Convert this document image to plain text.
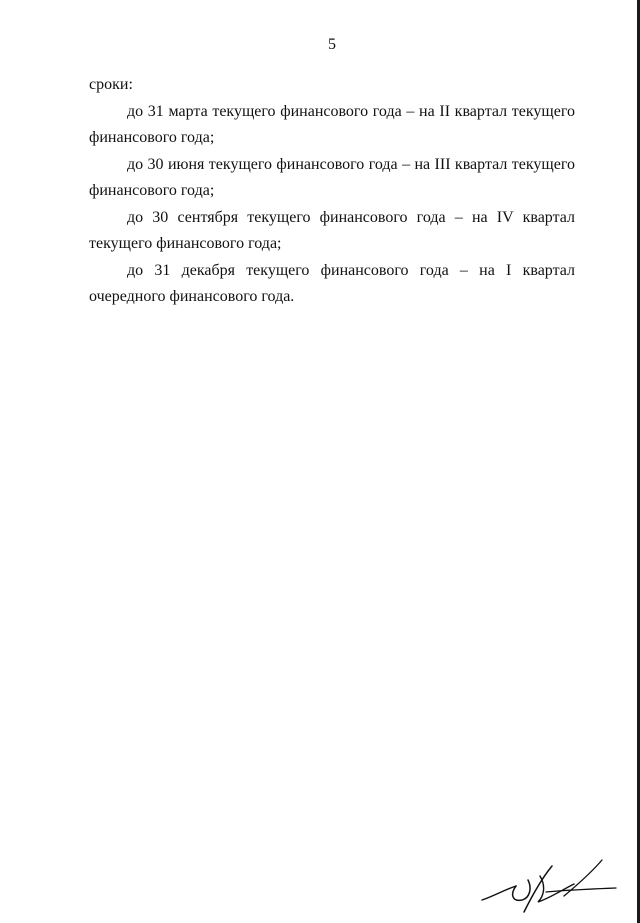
5

сроки:

до 31 марта текущего финансового года – на II квартал текущего финансового года;

до 30 июня текущего финансового года – на III квартал текущего финансового года;

до 30 сентября текущего финансового года – на IV квартал текущего финансового года;

до 31 декабря текущего финансового года – на I квартал очередного финансового года.
